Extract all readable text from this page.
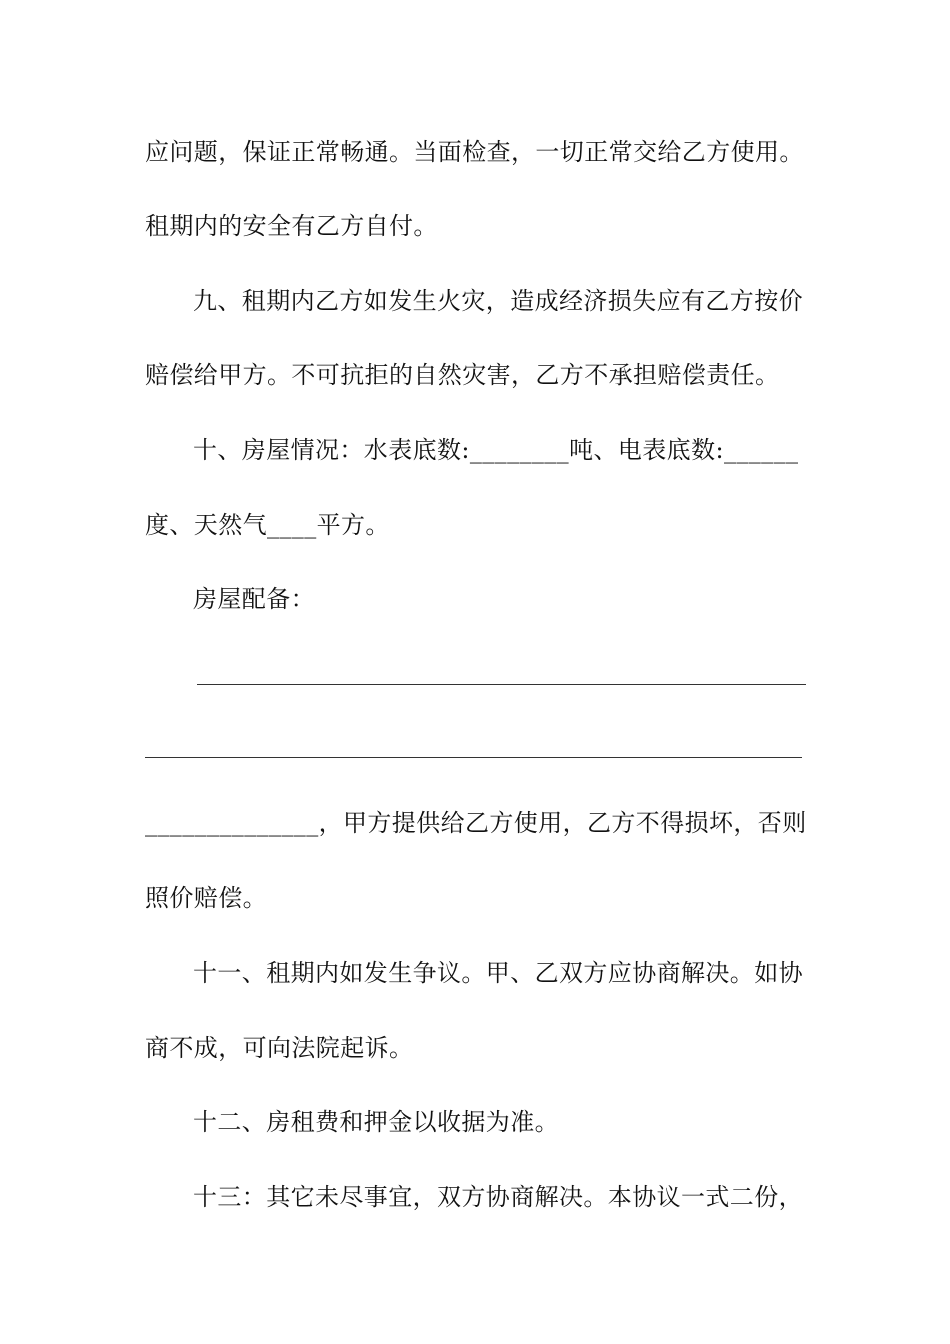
应问题，保证正常畅通。当面检查，一切正常交给乙方使用。
租期内的安全有乙方自付。
九、租期内乙方如发生火灾，造成经济损失应有乙方按价
赔偿给甲方。不可抗拒的自然灾害，乙方不承担赔偿责任。
十、房屋情况：水表底数:________吨、电表底数:______
度、天然气____平方。
房屋配备：
______________，甲方提供给乙方使用，乙方不得损坏，否则
照价赔偿。
十一、租期内如发生争议。甲、乙双方应协商解决。如协
商不成，可向法院起诉。
十二、房租费和押金以收据为准。
十三：其它未尽事宜，双方协商解决。本协议一式二份，
